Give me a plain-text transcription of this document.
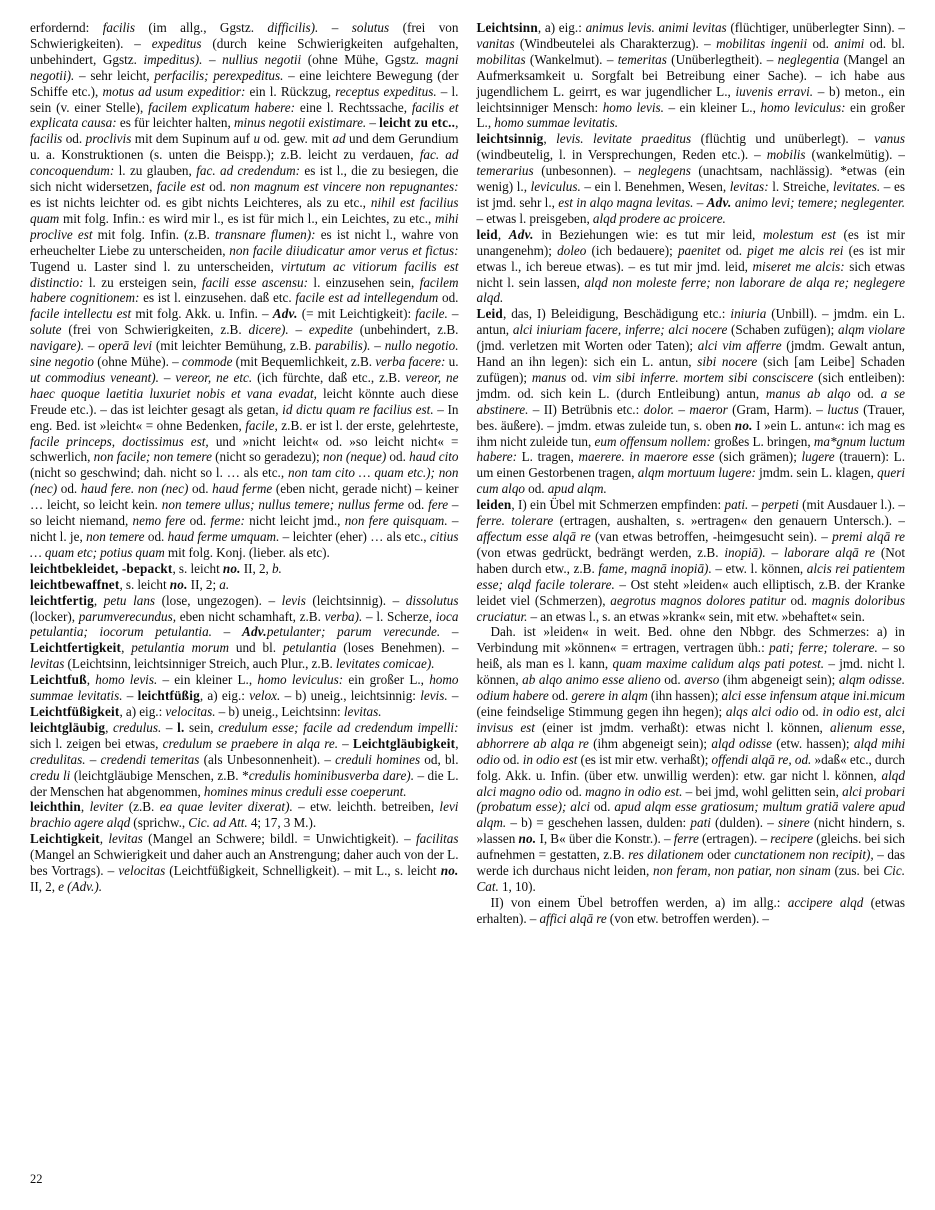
erfordernd: facilis (im allg., Ggstz. difficilis). – solutus (frei von Schwierigkeiten). – expeditus (durch keine Schwierigkeiten aufgehalten, unbehindert, Ggstz. impeditus). – nullius negotii (ohne Mühe, Ggstz. magni negotii). – sehr leicht, perfacilis; perexpeditus. – eine leichtere Bewegung (der Schiffe etc.), motus ad usum expeditior: ein l. Rückzug, receptus expeditus. – l. sein (v. einer Stelle), facilem explicatum habere: eine l. Rechtssache, facilis et explicata causa: es für leichter halten, minus negotii existimare. – leicht zu etc.., facilis od. proclivis mit dem Supinum auf u od. gew. mit ad und dem Gerundium u. a. Konstruktionen (s. unten die Beispp.); z.B. leicht zu verdauen, fac. ad concoquendum: l. zu glauben, fac. ad credendum: es ist l., die zu besiegen, die sich nicht widersetzen, facile est od. non magnum est vincere non repugnantes: es ist nichts leichter od. es gibt nichts Leichteres, als zu etc., nihil est facilius quam mit folg. Infin.: es wird mir l., es ist für mich l., ein Leichtes, zu etc., mihi proclive est mit folg. Infin. (z.B. transnare flumen): es ist nicht l., wahre von erheuchelter Liebe zu unterscheiden, non facile diiudicatur amor verus et fictus: Tugend u. Laster sind l. zu unterscheiden, virtutum ac vitiorum facilis est distinctio: l. zu ersteigen sein, facili esse ascensu: l. einzusehen sein, facilem habere cognitionem: es ist l. einzusehen. daß etc. facile est ad intellegendum od. facile intellectu est mit folg. Akk. u. Infin. – Adv. (= mit Leichtigkeit): facile. – solute (frei von Schwierigkeiten, z.B. dicere). – expedite (unbehindert, z.B. navigare). – operā levi (mit leichter Bemühung, z.B. parabilis). – nullo negotio. sine negotio (ohne Mühe). – commode (mit Bequemlichkeit, z.B. verba facere: u. ut commodius veneant). – vereor, ne etc. (ich fürchte, daß etc., z.B. vereor, ne haec quoque laetitia luxuriet nobis et vana evadat, leicht könnte auch diese Freude etc.). – das ist leichter gesagt als getan, id dictu quam re facilius est. – In eng. Bed. ist »leicht« = ohne Bedenken, facile, z.B. er ist l. der erste, gelehrteste, facile princeps, doctissimus est, und »nicht leicht« od. »so leicht nicht« = schwerlich, non facile; non temere (nicht so geradezu); non (neque) od. haud cito (nicht so geschwind; dah. nicht so l. … als etc., non tam cito … quam etc.); non (nec) od. haud fere. non (nec) od. haud ferme (eben nicht, gerade nicht) – keiner … leicht, so leicht kein. non temere ullus; nullus temere; nullus ferme od. fere – so leicht niemand, nemo fere od. ferme: nicht leicht jmd., non fere quisquam. – nicht l. je, non temere od. haud ferme umquam. – leichter (eher) … als etc., citius … quam etc; potius quam mit folg. Konj. (lieber. als etc).

leichtbekleidet, -bepackt, s. leicht no. II, 2, b.

leichtbewaffnet, s. leicht no. II, 2; a.

leichtfertig, petu lans (lose, ungezogen). – levis (leichtsinnig). – dissolutus (locker), parumverecundus, eben nicht schamhaft, z.B. verba). – l. Scherze, ioca petulantia; iocorum petulantia. – Adv.petulanter; parum verecunde. – Leichtfertigkeit, petulantia morum und bl. petulantia (loses Benehmen). – levitas (Leichtsinn, leichtsinniger Streich, auch Plur., z.B. levitates comicae).

Leichtfuß, homo levis. – ein kleiner L., homo leviculus: ein großer L., homo summae levitatis. – leichtfüßig, a) eig.: velox. – b) uneig., leichtsinnig: levis. – Leichtfüßigkeit, a) eig.: velocitas. – b) uneig., Leichtsinn: levitas.

leichtgläubig, credulus. – l. sein, credulum esse; facile ad credendum impelli: sich l. zeigen bei etwas, credulum se praebere in alqa re. – Leichtgläubigkeit, credulitas. – credendi temeritas (als Unbesonnenheit). – creduli homines od, bl. credu li (leichtgläubige Menschen, z.B. *credulis hominibusverba dare). – die L. der Menschen hat abgenommen, homines minus creduli esse coeperunt.

leichthin, leviter (z.B. ea quae leviter dixerat). – etw. leichth. betreiben, levi brachio agere alqd (sprichw., Cic. ad Att. 4; 17, 3 M.).

Leichtigkeit, levitas (Mangel an Schwere; bildl. = Unwichtigkeit). – facilitas (Mangel an Schwierigkeit und daher auch an Anstrengung; daher auch von der L. bes Vortrags). – velocitas (Leichtfüßigkeit, Schnelligkeit). – mit L., s. leicht no. II, 2, e (Adv.).

Leichtsinn, a) eig.: animus levis. animi levitas (flüchtiger, unüberlegter Sinn). – vanitas (Windbeutelei als Charakterzug). – mobilitas ingenii od. animi od. bl. mobilitas (Wankelmut). – temeritas (Unüberlegtheit). – neglegentia (Mangel an Aufmerksamkeit u. Sorgfalt bei Betreibung einer Sache). – ich habe aus jugendlichem L. geirrt, es war jugendlicher L., iuvenis erravi. – b) meton., ein leichtsinniger Mensch: homo levis. – ein kleiner L., homo leviculus: ein großer L., homo summae levitatis.

leichtsinnig, levis. levitate praeditus (flüchtig und unüberlegt). – vanus (windbeutelig, l. in Versprechungen, Reden etc.). – mobilis (wankelmütig). – temerarius (unbesonnen). – neglegens (unachtsam, nachlässig). *etwas (ein wenig) l., leviculus. – ein l. Benehmen, Wesen, levitas: l. Streiche, levitates. – es ist jmd. sehr l., est in alqo magna levitas. – Adv. animo levi; temere; neglegenter. – etwas l. preisgeben, alqd prodere ac proicere.

leid, Adv. in Beziehungen wie: es tut mir leid, molestum est (es ist mir unangenehm); doleo (ich bedauere); paenitet od. piget me alcis rei (es ist mir etwas l., ich bereue etwas). – es tut mir jmd. leid, miseret me alcis: sich etwas nicht l. sein lassen, alqd non moleste ferre; non laborare de alqa re; neglegere alqd.

Leid, das, I) Beleidigung, Beschädigung etc.: iniuria (Unbill). – jmdm. ein L. antun, alci iniuriam facere, inferre; alci nocere (Schaben zufügen); alqm violare (jmd. verletzen mit Worten oder Taten); alci vim afferre (jmdm. Gewalt antun, Hand an ihn legen): sich ein L. antun, sibi nocere (sich [am Leibe] Schaden zufügen); manus od. vim sibi inferre. mortem sibi consciscere (sich entleiben): jmdm. od. sich kein L. (durch Entleibung) antun, manus ab alqo od. a se abstinere. – II) Betrübnis etc.: dolor. – maeror (Gram, Harm). – luctus (Trauer, bes. äußere). – jmdm. etwas zuleide tun, s. oben no. I »ein L. antun«: ich mag es ihm nicht zuleide tun, eum offensum nollem: großes L. bringen, ma*gnum luctum habere: L. tragen, maerere. in maerore esse (sich grämen); lugere (trauern): L. um einen Gestorbenen tragen, alqm mortuum lugere: jmdm. sein L. klagen, queri cum alqo od. apud alqm.

leiden, I) ein Übel mit Schmerzen empfinden: pati. – perpeti (mit Ausdauer l.). – ferre. tolerare (ertragen, aushalten, s. »ertragen« den genauern Untersch.). – affectum esse alqā re (van etwas betroffen, -heimgesucht sein). – premi alqā re (von etwas gedrückt, bedrängt werden, z.B. inopiā). – laborare alqā re (Not haben durch etw., z.B. fame, magnā inopiā). – etw. l. können, alcis rei patientem esse; alqd facile tolerare. – Ost steht »leiden« auch elliptisch, z.B. der Kranke leidet viel (Schmerzen), aegrotus magnos dolores patitur od. magnis doloribus cruciatur. – an etwas l., s. an etwas »krank« sein, mit etw. »behaftet« sein.

Dah. ist »leiden« in weit. Bed. ohne den Nbbgr. des Schmerzes: a) in Verbindung mit »können« = ertragen, vertragen übh.: pati; ferre; tolerare. – so heiß, als man es l. kann, quam maxime calidum alqs pati potest. – jmd. nicht l. können, ab alqo animo esse alieno od. averso (ihm abgeneigt sein); alqm odisse. odium habere od. gerere in alqm (ihn hassen); alci esse infensum atque ini.micum (eine feindselige Stimmung gegen ihn hegen); alqs alci odio od. in odio est, alci invisus est (einer ist jmdm. verhaßt): etwas nicht l. können, alienum esse, abhorrere ab alqa re (ihm abgeneigt sein); alqd odisse (etw. hassen); alqd mihi odio od. in odio est (es ist mir etw. verhaßt); offendi alqā re, od. »daß« etc., durch folg. Akk. u. Infin. (über etw. unwillig werden): etw. gar nicht l. können, alqd alci magno odio od. magno in odio est. – bei jmd, wohl gelitten sein, alci probari (probatum esse); alci od. apud alqm esse gratiosum; multum gratiā valere apud alqm. – b) = geschehen lassen, dulden: pati (dulden). – sinere (nicht hindern, s. »lassen no. I, B« über die Konstr.). – ferre (ertragen). – recipere (gleichs. bei sich aufnehmen = gestatten, z.B. res dilationem oder cunctationem non recipit), – das werde ich durchaus nicht leiden, non feram, non patiar, non sinam (zus. bei Cic. Cat. 1, 10).

II) von einem Übel betroffen werden, a) im allg.: accipere alqd (etwas erhalten). – affici alqā re (von etw. betroffen werden). –

22
